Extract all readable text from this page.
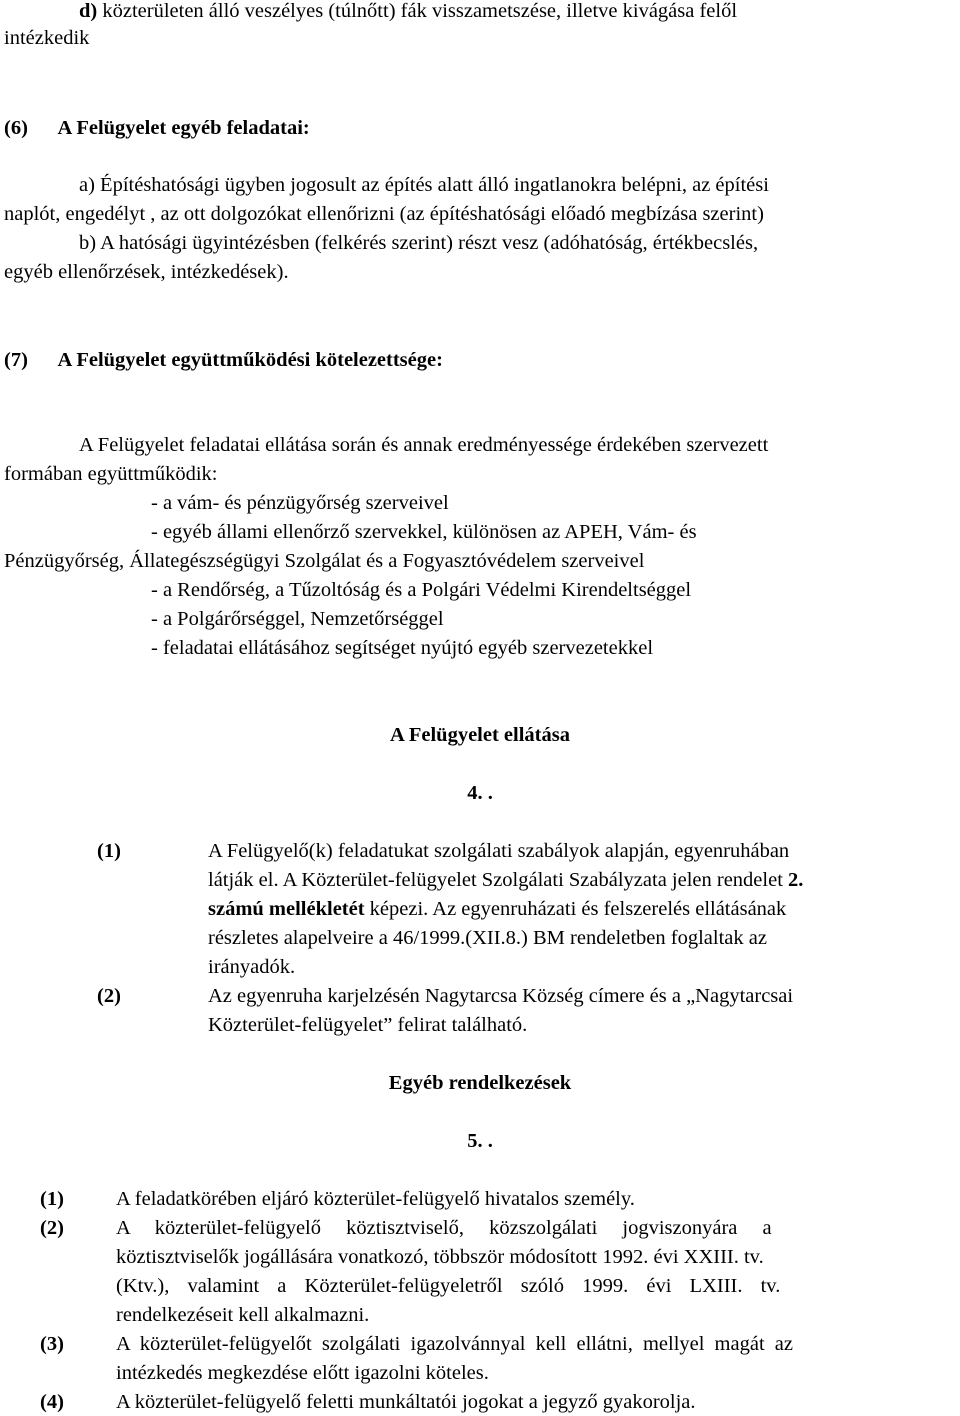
d) közterületen álló veszélyes (túlnőtt) fák visszametszése, illetve kivágása felől
intézkedik
(6)      A Felügyelet egyéb feladatai:
a) Építéshatósági ügyben jogosult az építés alatt álló ingatlanokra belépni, az építési
naplót, engedélyt , az ott dolgozókat ellenőrizni (az építéshatósági előadó megbízása szerint)
b) A hatósági ügyintézésben (felkérés szerint) részt vesz (adóhatóság, értékbecslés,
egyéb ellenőrzések, intézkedések).
(7)      A Felügyelet együttműködési kötelezettsége:
A Felügyelet feladatai ellátása során és annak eredményessége érdekében szervezett
formában együttműködik:
- a vám- és pénzügyőrség szerveivel
- egyéb állami ellenőrző szervekkel, különösen az APEH, Vám- és
Pénzügyőrség, Állategészségügyi Szolgálat és a Fogyasztóvédelem szerveivel
- a Rendőrség, a Tűzoltóság és a Polgári Védelmi Kirendeltséggel
- a Polgárőrséggel, Nemzetőrséggel
- feladatai ellátásához segítséget nyújtó egyéb szervezetekkel
A Felügyelet ellátása
4. .
(1)	A Felügyelő(k) feladatukat szolgálati szabályok alapján, egyenruhában
látják el. A Közterület-felügyelet Szolgálati Szabályzata jelen rendelet 2.
számú mellékletét képezi. Az egyenruházati és felszerelés ellátásának
részletes alapelveire a 46/1999.(XII.8.) BM rendeletben foglaltak az
irányadók.
(2)	Az egyenruha karjelzésén Nagytarcsa Község címere és a „Nagytarcsai
Közterület-felügyelet” felirat található.
Egyéb rendelkezések
5. .
(1)	A feladatkörében eljáró közterület-felügyelő hivatalos személy.
(2)	A közterület-felügyelő köztisztviselő, közszolgálati jogviszonyára a
köztisztviselők jogállására vonatkozó, többször módosított 1992. évi XXIII. tv.
(Ktv.), valamint a Közterület-felügyeletről szóló 1999. évi LXIII. tv.
rendelkezéseit kell alkalmazni.
(3)	A közterület-felügyelőt szolgálati igazolvánnyal kell ellátni, mellyel magát az
intézkedés megkezdése előtt igazolni köteles.
(4)	A közterület-felügyelő feletti munkáltatói jogokat a jegyző gyakorolja.
